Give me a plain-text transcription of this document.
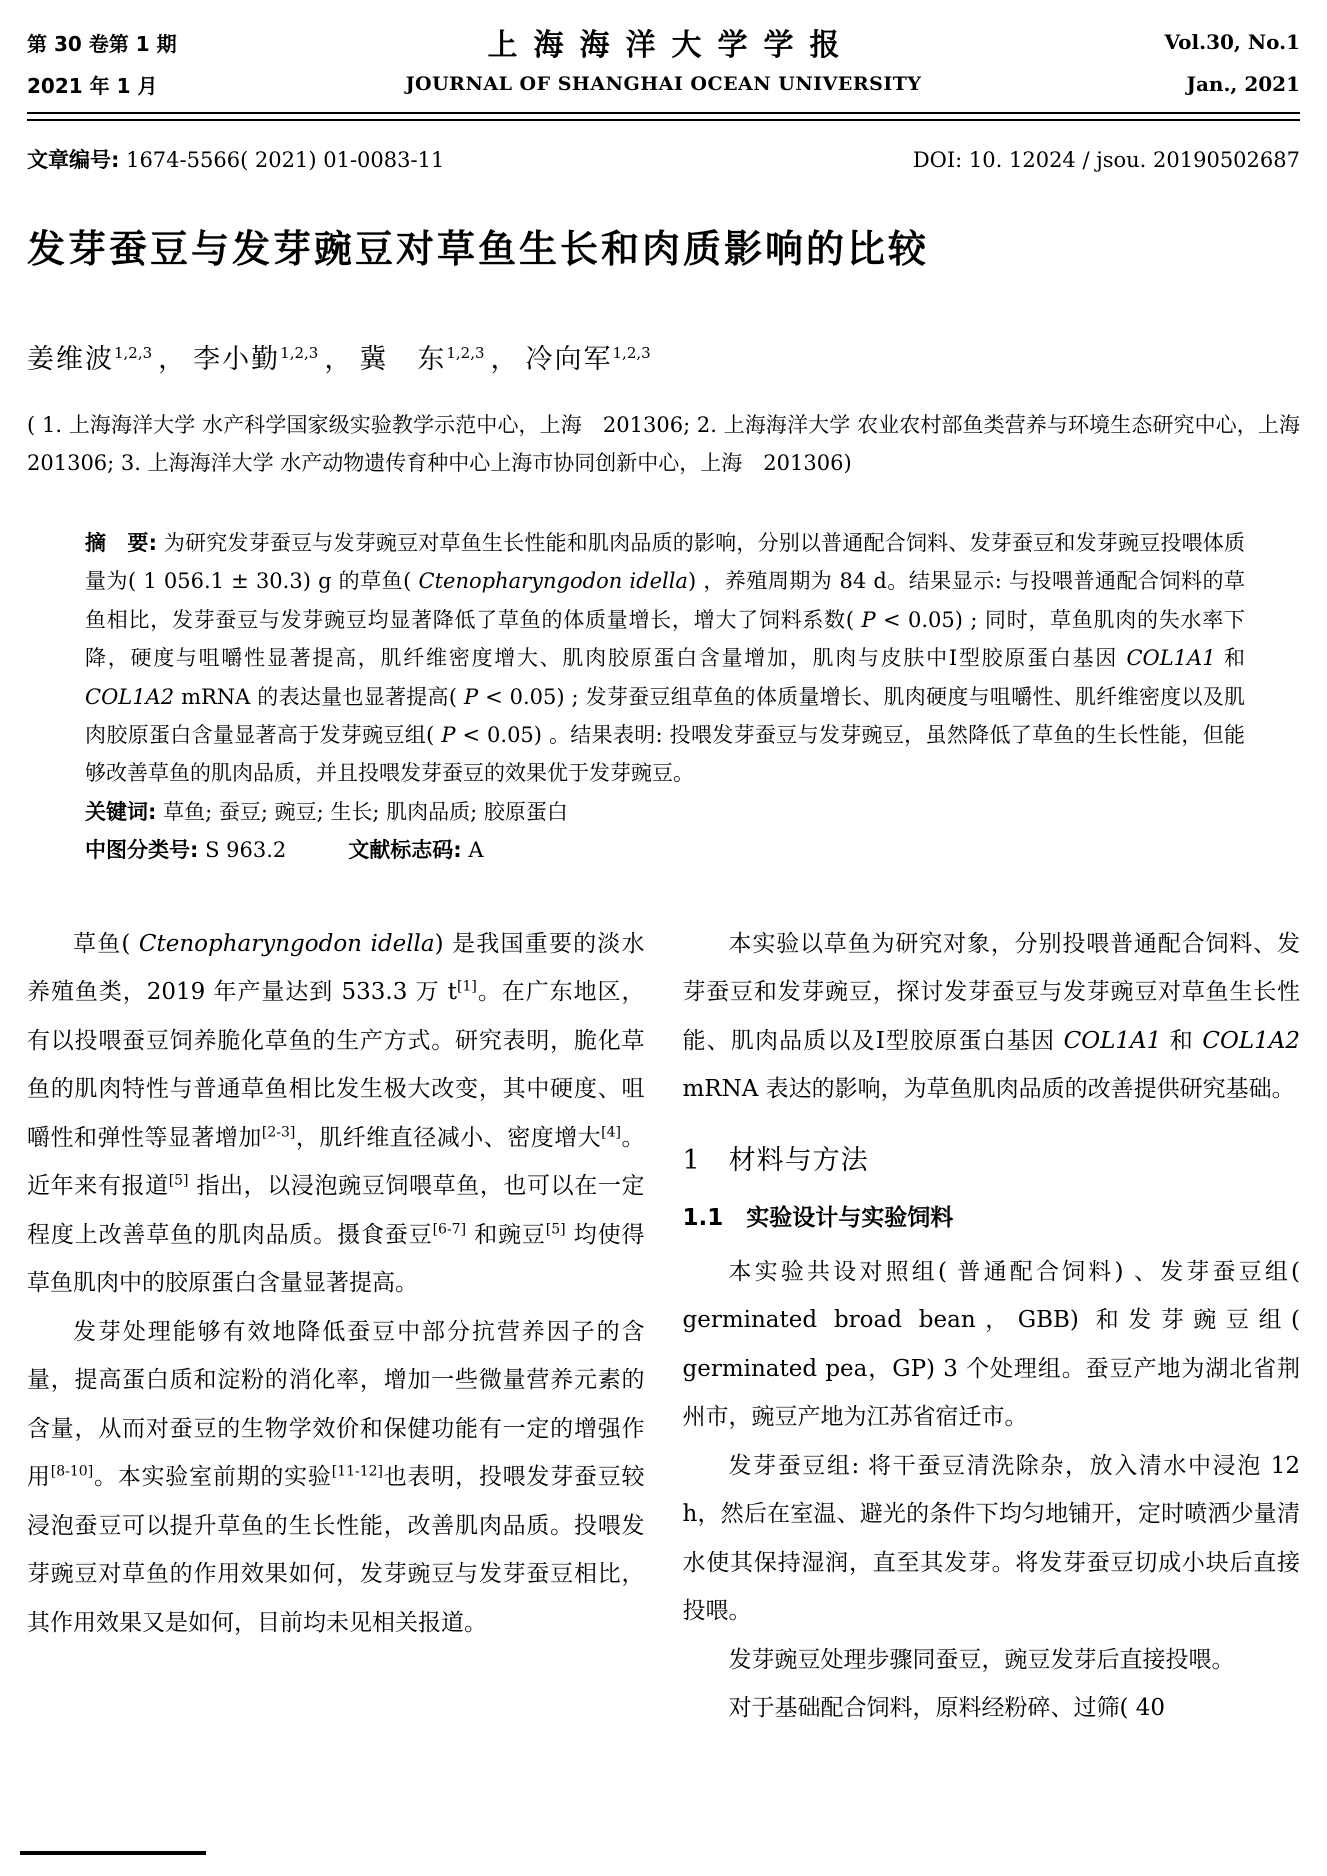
第 30 卷第 1 期	上海海洋大学学报	Vol.30, No.1
2021 年 1 月	JOURNAL OF SHANGHAI OCEAN UNIVERSITY	Jan., 2021
文章编号: 1674-5566( 2021) 01-0083-11	DOI: 10. 12024 / jsou. 20190502687
发芽蚕豆与发芽豌豆对草鱼生长和肉质影响的比较
姜维波$^{1,2,3}$ ， 李小勤$^{1,2,3}$ ， 冀　东$^{1,2,3}$ ， 冷向军$^{1,2,3}$
( 1. 上海海洋大学 水产科学国家级实验教学示范中心，上海　201306; 2. 上海海洋大学 农业农村部鱼类营养与环境生态研究中心，上海　201306; 3. 上海海洋大学 水产动物遗传育种中心上海市协同创新中心，上海　201306)
摘　要: 为研究发芽蚕豆与发芽豌豆对草鱼生长性能和肌肉品质的影响，分别以普通配合饲料、发芽蚕豆和发芽豌豆投喂体质量为( 1 056.1 ± 30.3) g 的草鱼( Ctenopharyngodon idella) ，养殖周期为 84 d。结果显示: 与投喂普通配合饲料的草鱼相比，发芽蚕豆与发芽豌豆均显著降低了草鱼的体质量增长，增大了饲料系数( P < 0.05) ; 同时，草鱼肌肉的失水率下降，硬度与咀嚼性显著提高，肌纤维密度增大、肌肉胶原蛋白含量增加，肌肉与皮肤中Ⅰ型胶原蛋白基因 COL1A1 和 COL1A2 mRNA 的表达量也显著提高( P < 0.05) ; 发芽蚕豆组草鱼的体质量增长、肌肉硬度与咀嚼性、肌纤维密度以及肌肉胶原蛋白含量显著高于发芽豌豆组( P < 0.05) 。结果表明: 投喂发芽蚕豆与发芽豌豆，虽然降低了草鱼的生长性能，但能够改善草鱼的肌肉品质，并且投喂发芽蚕豆的效果优于发芽豌豆。
关键词: 草鱼; 蚕豆; 豌豆; 生长; 肌肉品质; 胶原蛋白
中图分类号: S 963.2	文献标志码: A

草鱼( Ctenopharyngodon idella) 是我国重要的淡水养殖鱼类，2019 年产量达到 533.3 万 t[1]。在广东地区，有以投喂蚕豆饲养脆化草鱼的生产方式。研究表明，脆化草鱼的肌肉特性与普通草鱼相比发生极大改变，其中硬度、咀嚼性和弹性等显著增加[2-3]，肌纤维直径减小、密度增大[4]。近年来有报道[5] 指出，以浸泡豌豆饲喂草鱼，也可以在一定程度上改善草鱼的肌肉品质。摄食蚕豆[6-7] 和豌豆[5] 均使得草鱼肌肉中的胶原蛋白含量显著提高。

发芽处理能够有效地降低蚕豆中部分抗营养因子的含量，提高蛋白质和淀粉的消化率，增加一些微量营养元素的含量，从而对蚕豆的生物学效价和保健功能有一定的增强作用[8-10]。本实验室前期的实验[11-12]也表明，投喂发芽蚕豆较浸泡蚕豆可以提升草鱼的生长性能，改善肌肉品质。投喂发芽豌豆对草鱼的作用效果如何，发芽豌豆与发芽蚕豆相比，其作用效果又是如何，目前均未见相关报道。

本实验以草鱼为研究对象，分别投喂普通配合饲料、发芽蚕豆和发芽豌豆，探讨发芽蚕豆与发芽豌豆对草鱼生长性能、肌肉品质以及Ⅰ型胶原蛋白基因 COL1A1 和 COL1A2 mRNA 表达的影响，为草鱼肌肉品质的改善提供研究基础。

1　材料与方法
1.1　实验设计与实验饲料

本实验共设对照组( 普通配合饲料) 、发芽蚕豆组( germinated broad bean，GBB) 和发芽豌豆组( germinated pea，GP) 3 个处理组。蚕豆产地为湖北省荆州市，豌豆产地为江苏省宿迁市。

发芽蚕豆组: 将干蚕豆清洗除杂，放入清水中浸泡 12 h，然后在室温、避光的条件下均匀地铺开，定时喷洒少量清水使其保持湿润，直至其发芽。将发芽蚕豆切成小块后直接投喂。

发芽豌豆处理步骤同蚕豆，豌豆发芽后直接投喂。

对于基础配合饲料，原料经粉碎、过筛( 40
